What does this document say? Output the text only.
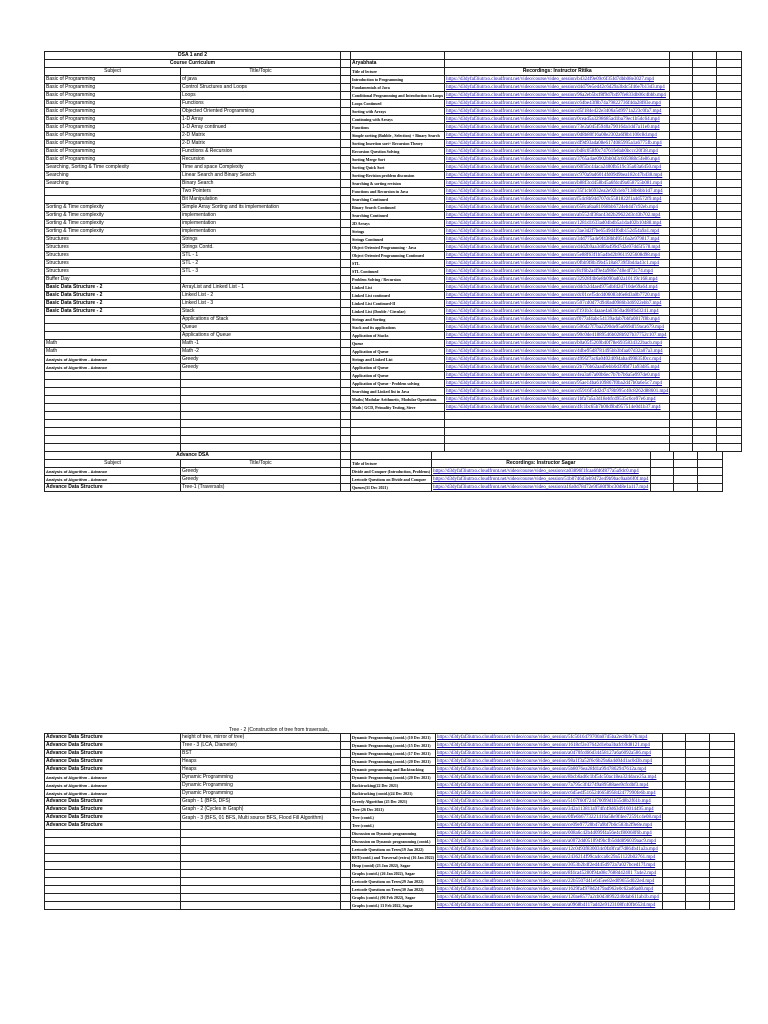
DSA 1 and 2							
Course Curriculum			Aryabhata				
Subject	Title/Topic		Title of lecture	Recordings: Instructor Ritika			
Basic of Programming	of java		Introduction to Programming	https://d3dyfaf3iutrxo.cloudfront.net/video/course/video_session/b4324f9e09c6f35fd7dbb08e3027.mp4			
Basic of Programming	Control Structures and Loops		Fundamentals of Java	https://d3dyfaf3iutrxo.cloudfront.net/video/course/video_session/d4d79e5ed42c6d29a3bdc5f46e7b13d3.mp4			
Basic of Programming	Loops		Conditional Programming and Introduction to Loops	https://d3dyfaf3iutrxo.cloudfront.net/video/course/video_session/96a2eb5bcf8f9d7b497fe833db06c4bbb.mp4			
Basic of Programming	Functions		Loops Continued	https://d3dyfaf3iutrxo.cloudfront.net/video/course/video_session/c64be43f8b74a79822736f4da28f83e.mp4			
Basic of Programming	Objected Oriented Programming		Sorting with Arrays	https://d3dyfaf3iutrxo.cloudfront.net/video/course/video_session/d5f184e422e3406a5d9971a223c0fa7.mp4			
Basic of Programming	1-D Array		Continuing with Arrays	https://d3dyfaf3iutrxo.cloudfront.net/video/course/video_session/0cead5a3298685ad1ba79ec1b5dc64.mp4			
Basic of Programming	1-D Array continued		Functions	https://d3dyfaf3iutrxo.cloudfront.net/video/course/video_session/73e2a045f5940a79016da1dd7a11e0.mp4			
Basic of Programming	2-D Matrix		Simple sorting (Bubble , Selection) + Binary Search	https://d3dyfaf3iutrxo.cloudfront.net/video/course/video_session/0d8b80f16a08e2302a6f8b1100c8d.mp4			
Basic of Programming	2-D Matrix		Sorting Insertion sort+ Recursion Theory	https://d3dyfaf3iutrxo.cloudfront.net/video/course/video_session/df9d93ada08e6174085995a1a6775fb.mp4			
Basic of Programming	Functions & Recursion		Recursion Question Solving	https://d3dyfaf3iutrxo.cloudfront.net/video/course/video_session/bd8c058f0c74761fe8ab0bccc20f38.mp4			
Basic of Programming	Recursion		Sorting Merge Sort	https://d3dyfaf3iutrxo.cloudfront.net/video/course/video_session/3765a4ae0902bb0d3c605988c5fe86.mp4			
Searching, Sorting & Time complexity	Time and space Complexity		Sorting Quick Sort	https://d3dyfaf3iutrxo.cloudfront.net/video/course/video_session/60f5bc44aca2400fb519c35a03a6450.mp4			
Searching	Linear Search and Binary Search		Sorting-Revision problem discussion	https://d3dyfaf3iutrxo.cloudfront.net/video/course/video_session/c970a9ad6014fd09d9bea182c47b438.mp4			
Searching	Binary Search		Searching & sorting revision	https://d3dyfaf3iutrxo.cloudfront.net/video/course/video_session/b88f3cd458b45a6fdcd9a658755b081.mp4			
	Two Pointers		Functions and Recursion in Java	https://d3dyfaf3iutrxo.cloudfront.net/video/course/video_session/35f1cb6932ea2e92b1eb7138b6bb1d7.mp4			
	Bit Manipulation		Searching Continued	https://d3dyfaf3iutrxo.cloudfront.net/video/course/video_session/f54c8b94d707dc5581822f1a4d572f9.mp4			
Sorting & Time complexity	Simple Array Sorting and its implementation		Binary Search Continued	https://d3dyfaf3iutrxo.cloudfront.net/video/course/video_session/658ca8aa81068bb6724eb4d7c92eb.mp4			
Sorting & Time complexity	implementation		Searching Continued	https://d3dyfaf3iutrxo.cloudfront.net/video/course/video_session/ab5524f38ac43d2b29622d3c43b702.mp4			
Sorting & Time complexity	implementation		2D Arrays	https://d3dyfaf3iutrxo.cloudfront.net/video/course/video_session/1281d1633ad04bdb5a1da402b10488.mp4			
Sorting & Time complexity	implementation		Strings	https://d3dyfaf3iutrxo.cloudfront.net/video/course/video_session/3ae3d2f7be6549d4f6db152d54a9a1.mp4			
Structures	Strings		Strings Continued	https://d3dyfaf3iutrxo.cloudfront.net/video/course/video_session/34d775a4e9f438bbf0516a2e979817.mp4			
Structures	Strings Contd.		Object Oriented Programming - Java	https://d3dyfaf3iutrxo.cloudfront.net/video/course/video_session/d4d2b9aa3d89a499d7d2e97dd5f578.mp4			
Structures	STL - 1		Object Oriented Programming Continued	https://d3dyfaf3iutrxo.cloudfront.net/video/course/video_session/5e88f63f1b5a4bd2b9611925608d98.mp4			
Structures	STL - 2		STL	https://d3dyfaf3iutrxo.cloudfront.net/video/course/video_session/0fbb9f8b39b4518a8739f3bd4a43c1.mp4			
Structures	STL - 3		STL Continued	https://d3dyfaf3iutrxo.cloudfront.net/video/course/video_session/8cf6b2a4f9e4a986e748e4f72c74.mp4			
Buffer Day			Problem Solving / Recursion	https://d3dyfaf3iutrxo.cloudfront.net/video/course/video_session/32928f4b6e8b090ad02a10119c168.mp4			
Basic Data Structure - 2	ArrayList and Linked List - 1		Linked List	https://d3dyfaf3iutrxo.cloudfront.net/video/course/video_session/ddcb2d4aed975dbfd2d710de69a64.mp4			
Basic Data Structure - 2	Linked List - 2		Linked List continued	https://d3dyfaf3iutrxo.cloudfront.net/video/course/video_session/dc01cef5dcd40608346e8d3a0b7720.mp4			
Basic Data Structure - 2	Linked List - 3		Linked List Continued-II	https://d3dyfaf3iutrxo.cloudfront.net/video/course/video_session/507cd0d77d940ad0986b3d6922ebb7.mp4			
Basic Data Structure - 2	Stack		Linked List (Double / Circular)	https://d3dyfaf3iutrxo.cloudfront.net/video/course/video_session/f191b3c4aaae4a63b50ad68f6d3241.mp4			
	Applications of Stack		Strings and Sorting	https://d3dyfaf3iutrxo.cloudfront.net/video/course/video_session/f077af4abc54139adab7bbfa0817f8b.mp4			
	Queue		Stack and its applications	https://d3dyfaf3iutrxo.cloudfront.net/video/course/video_session/506d27f7ba2290de95a069df19aca679.mp4			
	Applications of Queue		Application of Stacks	https://d3dyfaf3iutrxo.cloudfront.net/video/course/video_session/90c0de41889546b028b927b37752c107.mp4			
Math	Math -1		Queue	https://d3dyfaf3iutrxo.cloudfront.net/video/course/video_session/b0a05f5269b40f78e6935834322bacb.mp4			
Math	Math -2		Application of Queue	https://d3dyfaf3iutrxo.cloudfront.net/video/course/video_session/4dbe95d8781495bb3bfaa07d32a07a3.mp4			
Analysis of Algorithm - Advance	Greedy		Strings and Linked List	https://d3dyfaf3iutrxo.cloudfront.net/video/course/video_session/4995f7ac6a04024094aba499835f0cc.mp4			
Analysis of Algorithm - Advance	Greedy		Application of Queue	https://d3dyfaf3iutrxo.cloudfront.net/video/course/video_session/2b776b62aad9ebb0d39fbf71a93d85.mp4			
			Application of Queue	https://d3dyfaf3iutrxo.cloudfront.net/video/course/video_session/4ea3a67a00b6ec7b7b7b6a5e997de0.mp4			
			Application of Queue - Problem solving	https://d3dyfaf3iutrxo.cloudfront.net/video/course/video_session/95ae14ba6109867f0ba2d47b0a6e5c7.mp4			
			Searching and Linked list in Java	https://d3dyfaf3iutrxo.cloudfront.net/video/course/video_session/d5916f54d2d7478b995c40c8262d88601.mp4			
			Maths| Modular Arithmetic, Modular Operations	https://d3dyfaf3iutrxo.cloudfront.net/video/course/video_session/1bfa7a5a3d18ebfcd9535c6ce97e6.mp4			
			Math | GCD, Primality Testing, Sieve	https://d3dyfaf3iutrxo.cloudfront.net/video/course/video_session/4fc1bc65b7b00d9bd957514e0d1b37.mp4			

Advance DSA							
Subject	Title/Topic		Title of lecture	Recordings: Instructor Sagar			
Analysis of Algorithm - Advance	Greedy		Divide and Conquer (Introduction, Problems)	https://d3dyfaf3iutrxo.cloudfront.net/video/course/video_session/ca03896f1fcaa6fd6f877a5a9dc0.mp4			
Analysis of Algorithm - Advance	Greedy		Leetcode Questions on Divide and Conquer	https://d3dyfaf3iutrxo.cloudfront.net/video/course/video_session/51b0746d3eb9472e49b9bac0aab6f0f.mp4			
Advance Data Structure	Tree-1 (Traversals)		Queues(31 Dec 2021)	https://d3dyfaf3iutrxo.cloudfront.net/video/course/video_session/a16a0d78d72e9f580f9bc30d8e1a117.mp4			
Tree - 2 (Construction of tree from traversals,
Advance Data Structure	height of tree, mirror of tree)		Dynamic Programming (contd.) (10 Dec 2021)	https://d3dyfaf3iutrxo.cloudfront.net/video/course/video_session/5fc5616479700a07d5ba2ec8bfe76.mp4			
Advance Data Structure	Tree - 3 (LCA, Diameter)		Dynamic Programming (contd.) (15 Dec 2021)	https://d3dyfaf3iutrxo.cloudfront.net/video/course/video_session/1618cf2e37642d1eba3bafcb9d8121.mp4			
Advance Data Structure	BST		Dynamic Programming (contd.) (17 Dec 2021)	https://d3dyfaf3iutrxo.cloudfront.net/video/course/video_session/a0470fcd66d34458127a6a6092a586.mp4			
Advance Data Structure	Heaps		Dynamic Programming (contd.) (20 Dec 2021)	https://d3dyfaf3iutrxo.cloudfront.net/video/course/video_session/98a1f3a52f6c6b29a6a4d04d1ac0d3b.mp4			
Advance Data Structure	Heaps		Dynamic programming and Backtracking	https://d3dyfaf3iutrxo.cloudfront.net/video/course/video_session/5b8076ea28fd1a9947862947612a.mp4			
Analysis of Algorithm - Advance	Dynamic Programming		Dynamic Programming (contd.) (20 Dec 2021)	https://d3dyfaf3iutrxo.cloudfront.net/video/course/video_session/8bcb6ad6c1bf54c50ac18ea324dace25a.mp4			
Analysis of Algorithm - Advance	Dynamic Programming		Backtracking(22 Dec 2021)	https://d3dyfaf3iutrxo.cloudfront.net/video/course/video_session/7a795c3f42749a89588aee9cfcdbf3.mp4			
Analysis of Algorithm - Advance	Dynamic Programming		Backtracking (contd.)(24 Dec 2021)	https://d3dyfaf3iutrxo.cloudfront.net/video/course/video_session/c6d5edf516524665895842477990fe6b.mp4			
Advance Data Structure	Graph - 1 (BFS, DFS)		Greedy Algorithm (25 Dec 2021)	https://d3dyfaf3iutrxo.cloudfront.net/video/course/video_session/5167f60f724470099d1b55d8b2f61b.mp4			
Advance Data Structure	Graph - 2 (Cycles in Graph)		Tree (26 Dec 2021)	https://d3dyfaf3iutrxo.cloudfront.net/video/course/video_session/342a113811a974fc49d63d916014495.mp4			
Advance Data Structure	Graph - 3 (BFS, 01 BFS, Multi source BFS, Flood Fill Algorithm)		Tree (contd.)	https://d3dyfaf3iutrxo.cloudfront.net/video/course/video_session/0ffe6b6773221416a58e9f4ee72591c4e08.mp4			
Advance Data Structure			Tree (contd.)	https://d3dyfaf3iutrxo.cloudfront.net/video/course/video_session/ce09e97720b47a9bf7b6c583b2f9e8e.mp4			
			Discussion on Dynamic programming	https://d3dyfaf3iutrxo.cloudfront.net/video/course/video_session/008a6c42b4d099f4a56e4cf80068f6b.mp4			
			Discussion on Dynamic programming (contd.)	https://d3dyfaf3iutrxo.cloudfront.net/video/course/video_session/a0072dd0510949bcfb5ddd896039aac9.mp4			
			Leetcode Questions on Trees(19 Jan 2022)	https://d3dyfaf3iutrxo.cloudfront.net/video/course/video_session/12c0493f830034c0fa9fcaf7d864b41a2a.mp4			
			BST(contd.) and Traversal (extra) (16 Jan 2022)	https://d3dyfaf3iutrxo.cloudfront.net/video/course/video_session/2436214f99ca4cca0c29a51122b02761.mp4			
			Heap (contd) (23 Jan 2022), Sagar	https://d3dyfaf3iutrxo.cloudfront.net/video/course/video_session/3053b2b4f2ed445d972a7a027bced17f.mp4			
			Graphs (contd.) (26 Jan 2022), Sagar	https://d3dyfaf3iutrxo.cloudfront.net/video/course/video_session/8f4ca45280f94a08c7688d42401 7a4e2.mp4			
			Leetcode Questions on Trees(29 Jan 2022)	https://d3dyfaf3iutrxo.cloudfront.net/video/course/video_session/22b5507d41e645ee82ed09655d022ed.mp4			
			Leetcode Questions on Trees(30 Jan 2022)	https://d3dyfaf3iutrxo.cloudfront.net/video/course/video_session/1629fa4978d2479ad962e0c62ad6ad0.mp4			
			Graphs (contd.) (06 Feb 2022), Sagar	https://d3dyfaf3iutrxo.cloudfront.net/video/course/video_session/120ae8577a2cb0d38992240dab611ab1b.mp4			
			Graphs (contd.) 13 Feb 2022, Sagar	https://d3dyfaf3iutrxo.cloudfront.net/video/course/video_session/a0968b4117ad42e9123108fc40fb652d.mp4			
